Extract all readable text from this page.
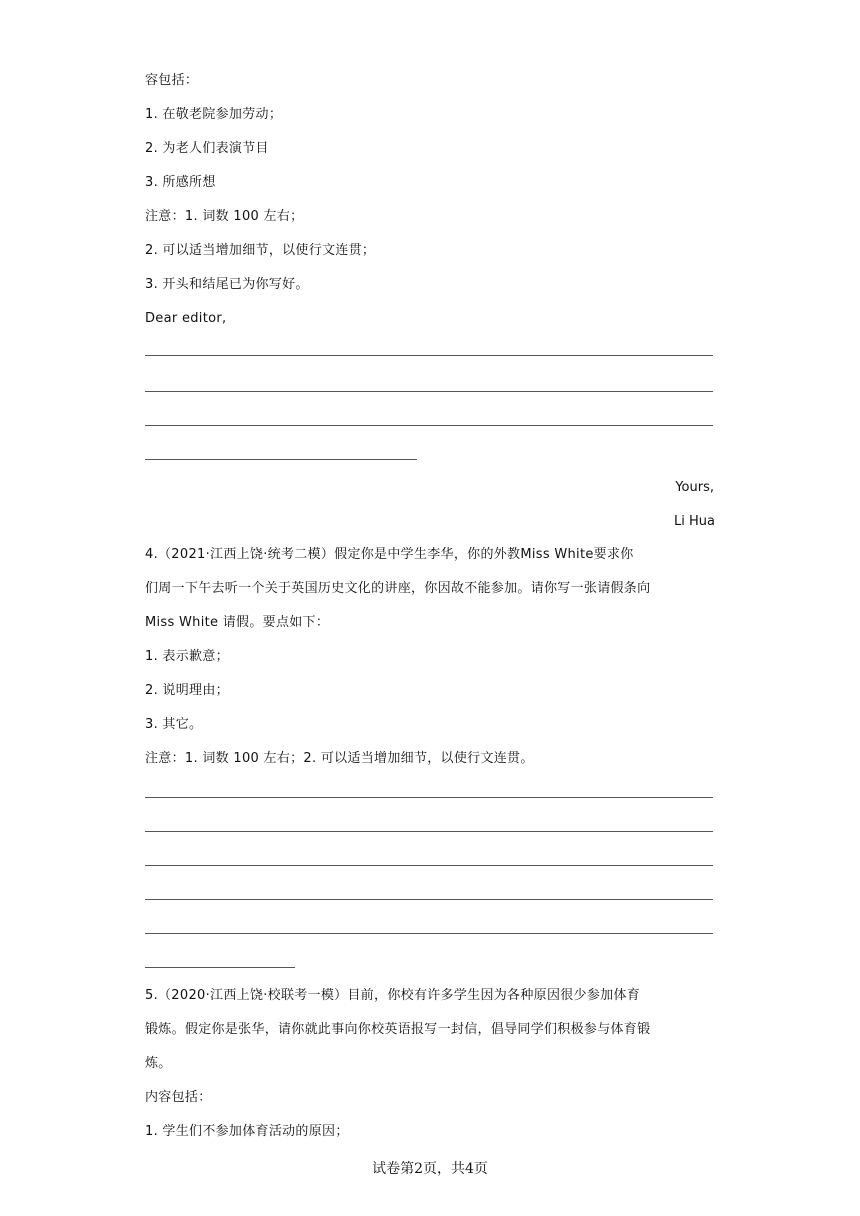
容包括：
1. 在敬老院参加劳动；
2. 为老人们表演节目
3. 所感所想
注意：1. 词数 100 左右；
2. 可以适当增加细节，以使行文连贯；
3. 开头和结尾已为你写好。
Dear editor,
Yours,
Li Hua
4.（2021·江西上饶·统考二模）假定你是中学生李华，你的外教Miss White要求你
们周一下午去听一个关于英国历史文化的讲座，你因故不能参加。请你写一张请假条向
Miss White 请假。要点如下：
1. 表示歉意；
2. 说明理由；
3. 其它。
注意：1. 词数 100 左右；2. 可以适当增加细节，以使行文连贯。
5.（2020·江西上饶·校联考一模）目前，你校有许多学生因为各种原因很少参加体育
锻炼。假定你是张华，请你就此事向你校英语报写一封信，倡导同学们积极参与体育锻
炼。
内容包括：
1. 学生们不参加体育活动的原因；
试卷第2页，共4页
